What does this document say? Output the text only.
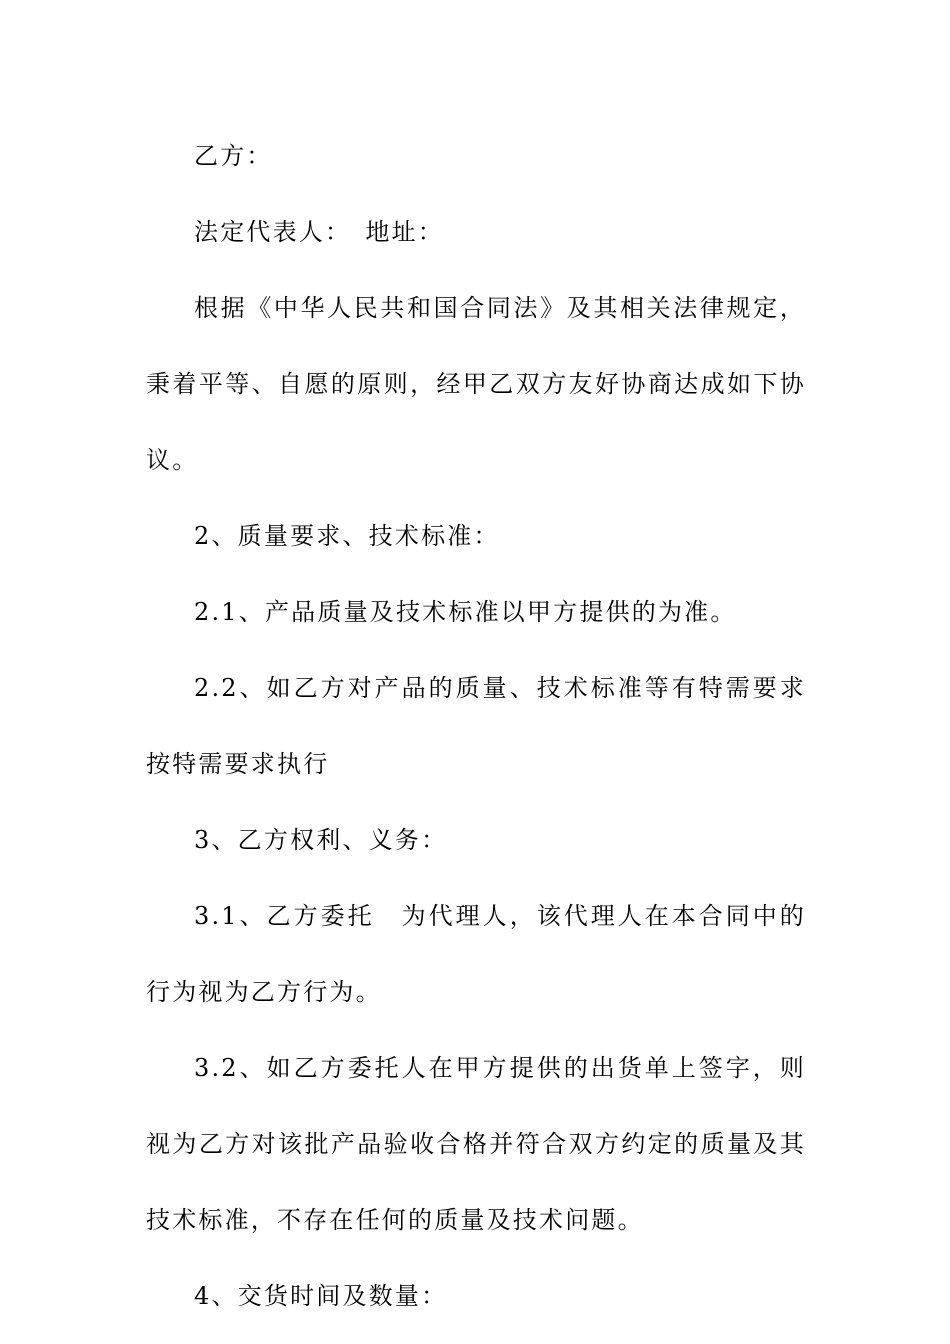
乙方：

法定代表人：　地址：

根据《中华人民共和国合同法》及其相关法律规定，秉着平等、自愿的原则，经甲乙双方友好协商达成如下协议。

2、质量要求、技术标准：

2.1、产品质量及技术标准以甲方提供的为准。

2.2、如乙方对产品的质量、技术标准等有特需要求按特需要求执行

3、乙方权利、义务：

3.1、乙方委托　为代理人，该代理人在本合同中的行为视为乙方行为。

3.2、如乙方委托人在甲方提供的出货单上签字，则视为乙方对该批产品验收合格并符合双方约定的质量及其技术标准，不存在任何的质量及技术问题。

4、交货时间及数量：
